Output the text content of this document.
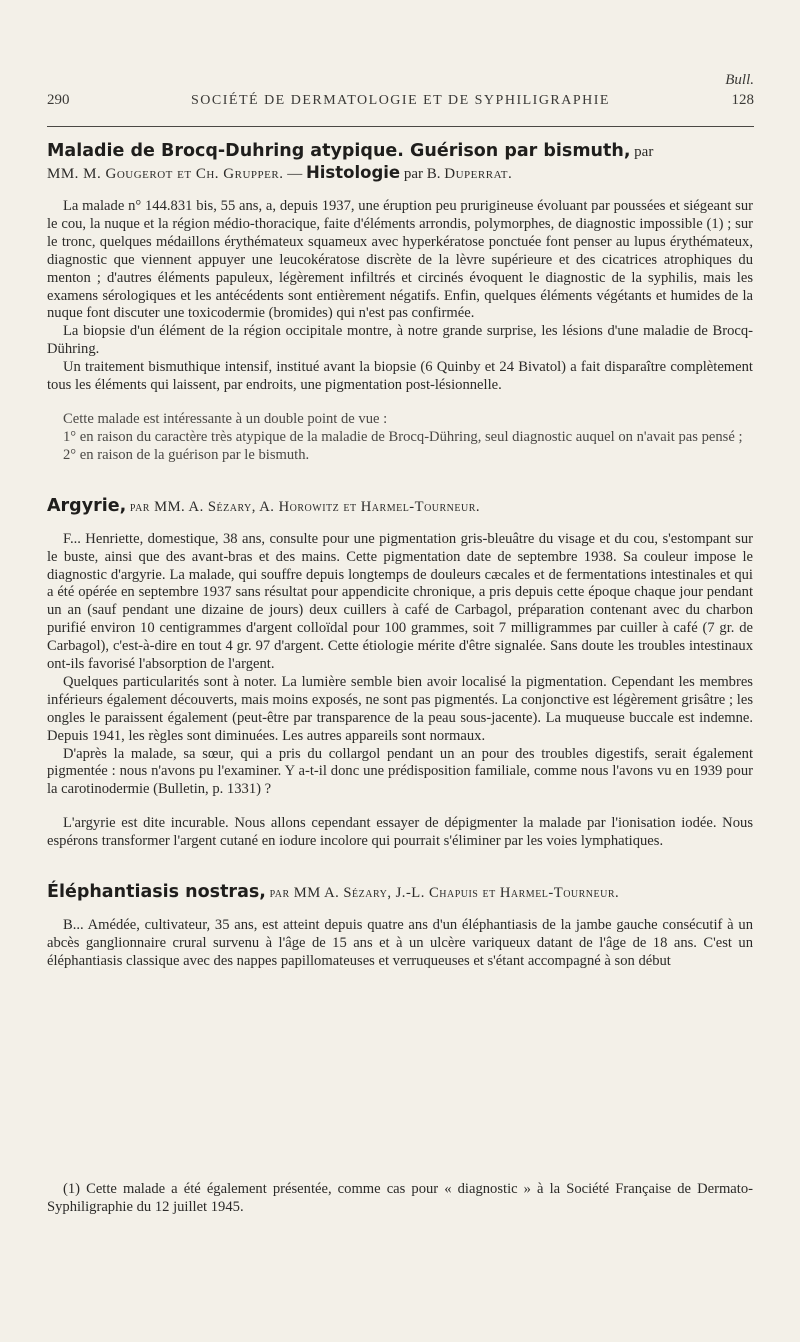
Bull.
290	SOCIÉTÉ DE DERMATOLOGIE ET DE SYPHILIGRAPHIE	128
Maladie de Brocq-Duhring atypique. Guérison par bismuth, par
MM. M. Gougerot et Ch. Grupper. — Histologie par B. Duperrat.

La malade n° 144.831 bis, 55 ans, a, depuis 1937, une éruption peu prurigineuse évoluant par poussées et siégeant sur le cou, la nuque et la région médio-thoracique, faite d'éléments arrondis, polymorphes, de diagnostic impossible (1) ; sur le tronc, quelques médaillons érythémateux squameux avec hyperkératose ponctuée font penser au lupus érythémateux, diagnostic que viennent appuyer une leucokératose discrète de la lèvre supérieure et des cicatrices atrophiques du menton ; d'autres éléments papuleux, légèrement infiltrés et circinés évoquent le diagnostic de la syphilis, mais les examens sérologiques et les antécédents sont entièrement négatifs. Enfin, quelques éléments végétants et humides de la nuque font discuter une toxicodermie (bromides) qui n'est pas confirmée.

La biopsie d'un élément de la région occipitale montre, à notre grande surprise, les lésions d'une maladie de Brocq-Dühring.

Un traitement bismuthique intensif, institué avant la biopsie (6 Quinby et 24 Bivatol) a fait disparaître complètement tous les éléments qui laissent, par endroits, une pigmentation post-lésionnelle.

Cette malade est intéressante à un double point de vue :

1° en raison du caractère très atypique de la maladie de Brocq-Dühring, seul diagnostic auquel on n'avait pas pensé ;

2° en raison de la guérison par le bismuth.

Argyrie, par MM. A. Sézary, A. Horowitz et Harmel-Tourneur.

F... Henriette, domestique, 38 ans, consulte pour une pigmentation gris-bleuâtre du visage et du cou, s'estompant sur le buste, ainsi que des avant-bras et des mains. Cette pigmentation date de septembre 1938. Sa couleur impose le diagnostic d'argyrie. La malade, qui souffre depuis longtemps de douleurs cæcales et de fermentations intestinales et qui a été opérée en septembre 1937 sans résultat pour appendicite chronique, a pris depuis cette époque chaque jour pendant un an (sauf pendant une dizaine de jours) deux cuillers à café de Carbagol, préparation contenant avec du charbon purifié environ 10 centigrammes d'argent colloïdal pour 100 grammes, soit 7 milligrammes par cuiller à café (7 gr. de Carbagol), c'est-à-dire en tout 4 gr. 97 d'argent. Cette étiologie mérite d'être signalée. Sans doute les troubles intestinaux ont-ils favorisé l'absorption de l'argent.

Quelques particularités sont à noter. La lumière semble bien avoir localisé la pigmentation. Cependant les membres inférieurs également découverts, mais moins exposés, ne sont pas pigmentés. La conjonctive est légèrement grisâtre ; les ongles le paraissent également (peut-être par transparence de la peau sous-jacente). La muqueuse buccale est indemne. Depuis 1941, les règles sont diminuées. Les autres appareils sont normaux.

D'après la malade, sa sœur, qui a pris du collargol pendant un an pour des troubles digestifs, serait également pigmentée : nous n'avons pu l'examiner. Y a-t-il donc une prédisposition familiale, comme nous l'avons vu en 1939 pour la carotinodermie (Bulletin, p. 1331) ?

L'argyrie est dite incurable. Nous allons cependant essayer de dépigmenter la malade par l'ionisation iodée. Nous espérons transformer l'argent cutané en iodure incolore qui pourrait s'éliminer par les voies lymphatiques.

Éléphantiasis nostras, par MM A. Sézary, J.-L. Chapuis et Harmel-Tourneur.

B... Amédée, cultivateur, 35 ans, est atteint depuis quatre ans d'un éléphantiasis de la jambe gauche consécutif à un abcès ganglionnaire crural survenu à l'âge de 15 ans et à un ulcère variqueux datant de l'âge de 18 ans. C'est un éléphantiasis classique avec des nappes papillomateuses et verruqueuses et s'étant accompagné à son début

(1) Cette malade a été également présentée, comme cas pour « diagnostic » à la Société Française de Dermato-Syphiligraphie du 12 juillet 1945.
